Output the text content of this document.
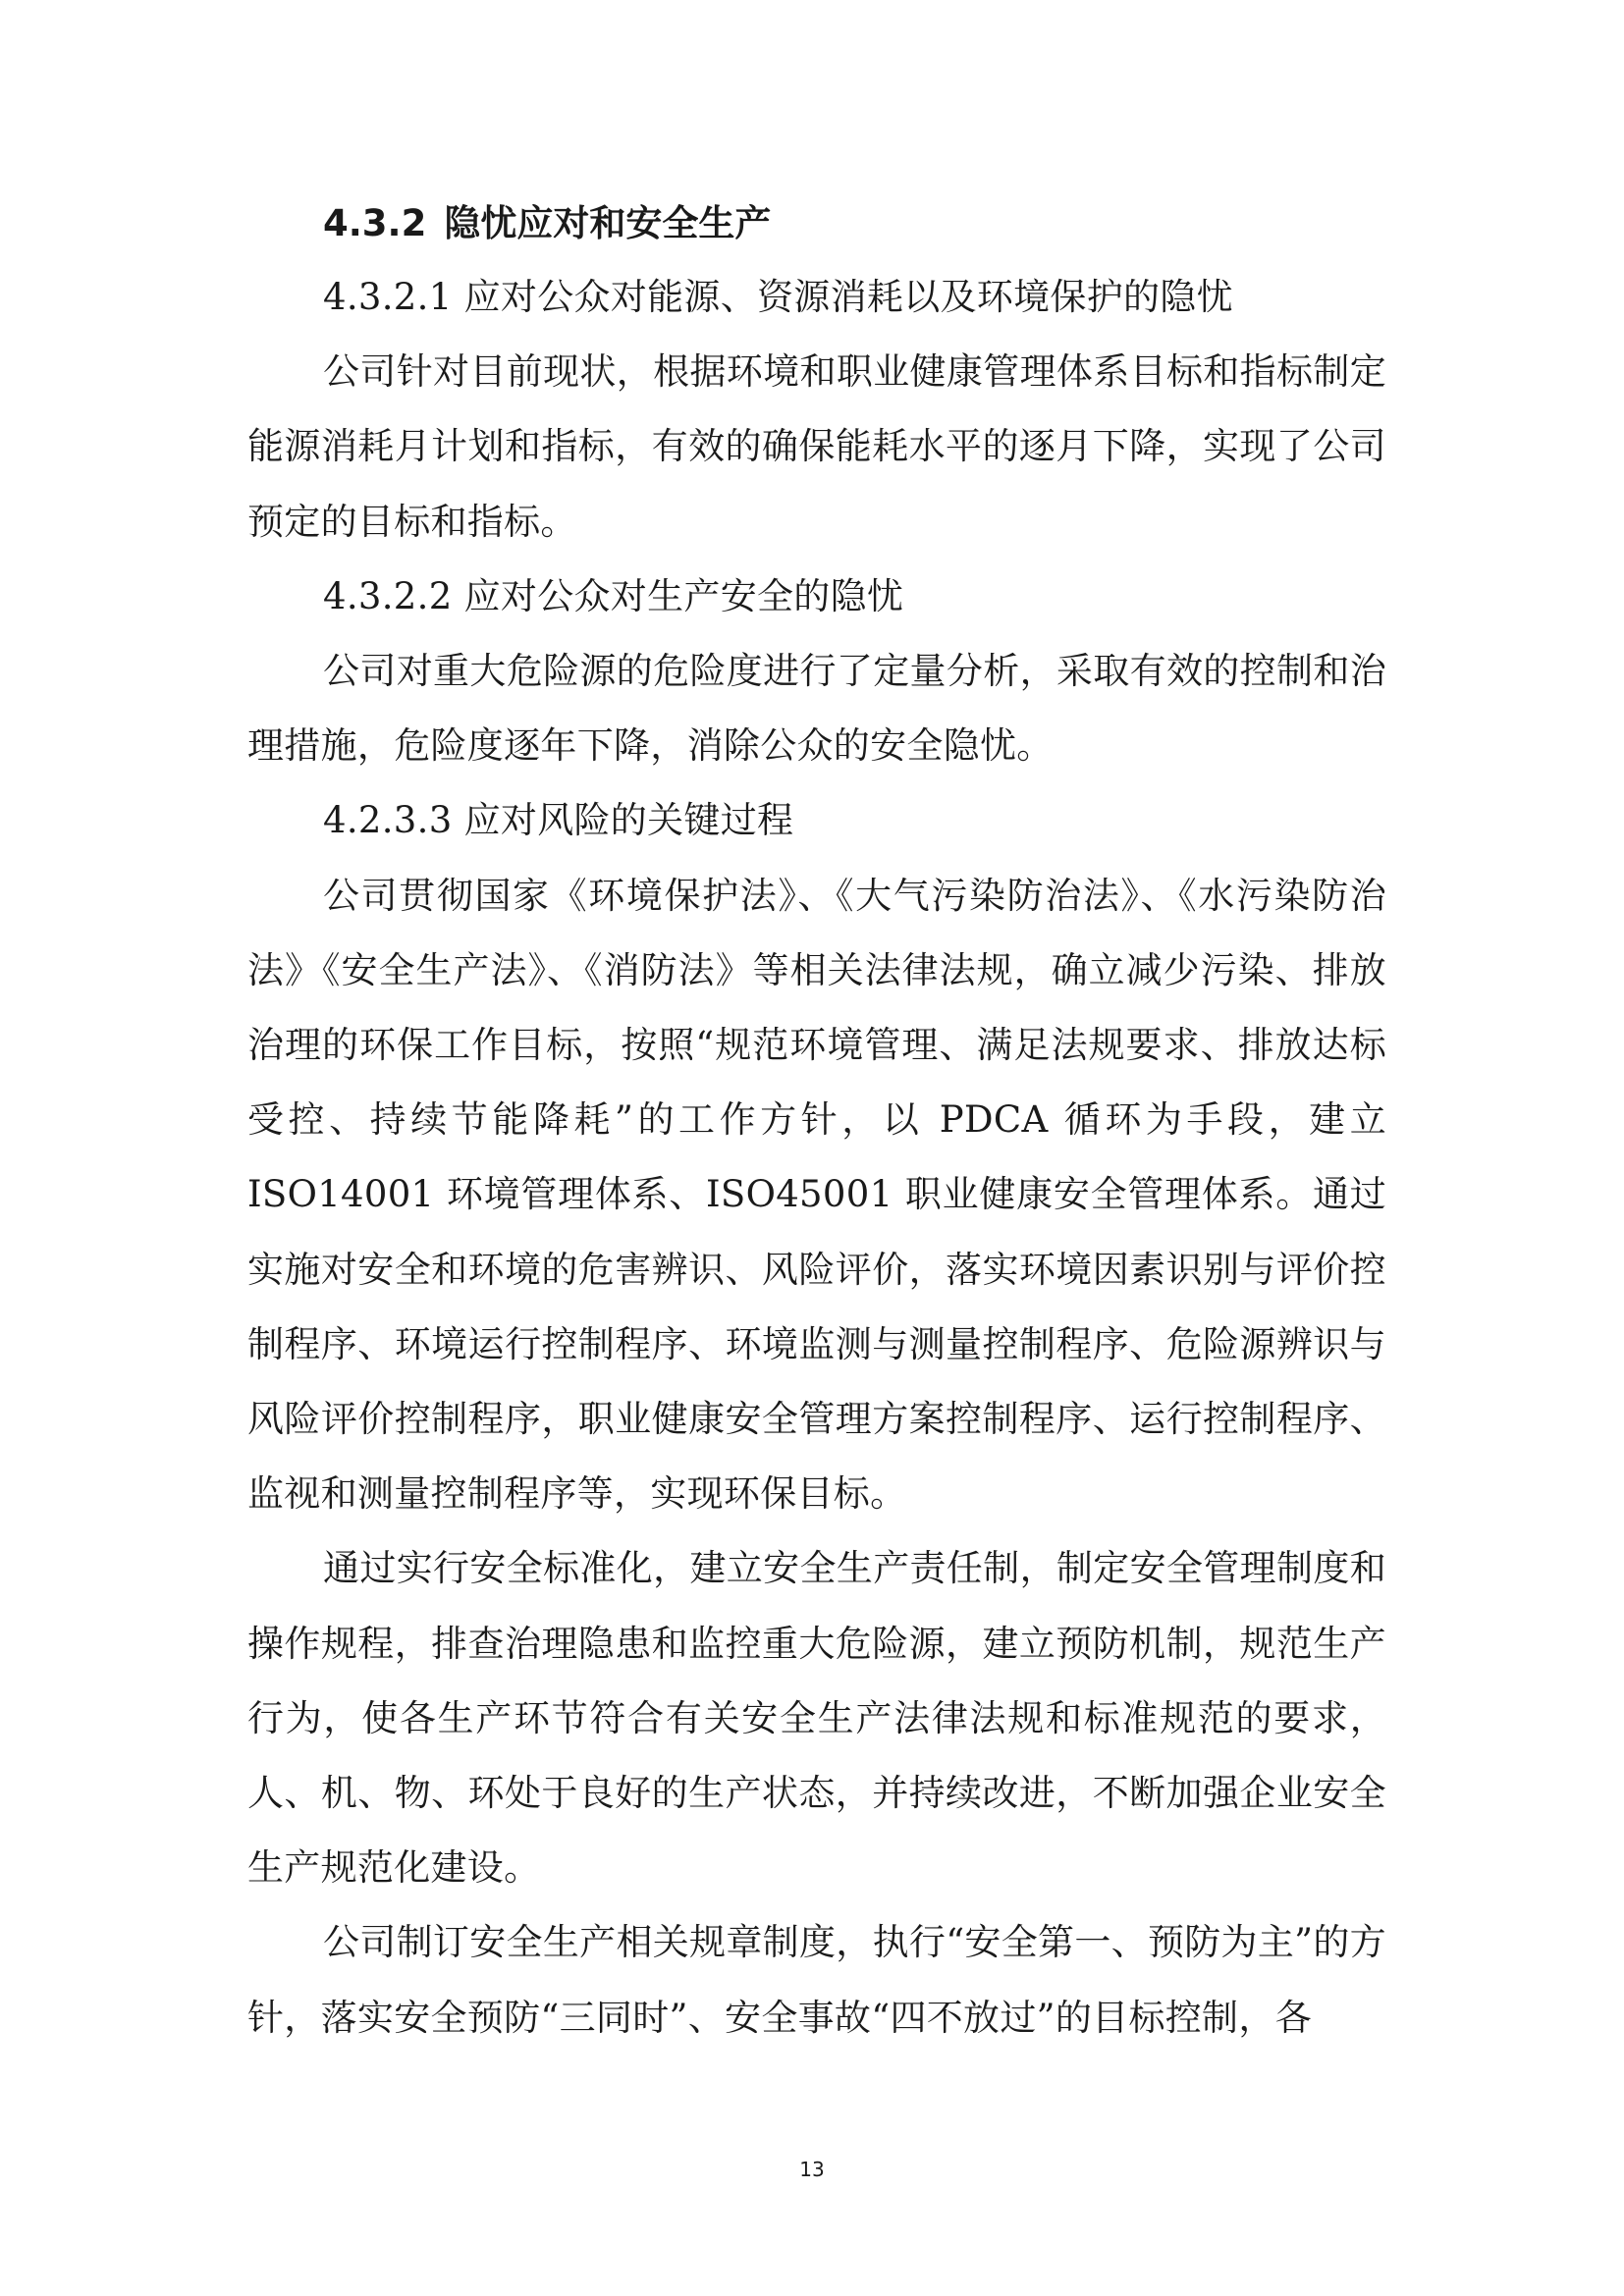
4.3.2 隐忧应对和安全生产

4.3.2.1 应对公众对能源、资源消耗以及环境保护的隐忧

公司针对目前现状，根据环境和职业健康管理体系目标和指标制定能源消耗月计划和指标，有效的确保能耗水平的逐月下降，实现了公司预定的目标和指标。

4.3.2.2 应对公众对生产安全的隐忧

公司对重大危险源的危险度进行了定量分析，采取有效的控制和治理措施，危险度逐年下降，消除公众的安全隐忧。

4.2.3.3 应对风险的关键过程

公司贯彻国家《环境保护法》、《大气污染防治法》、《水污染防治法》《安全生产法》、《消防法》等相关法律法规，确立减少污染、排放治理的环保工作目标，按照“规范环境管理、满足法规要求、排放达标受控、持续节能降耗”的工作方针，以 PDCA 循环为手段，建立 ISO14001 环境管理体系、ISO45001 职业健康安全管理体系。通过实施对安全和环境的危害辨识、风险评价，落实环境因素识别与评价控制程序、环境运行控制程序、环境监测与测量控制程序、危险源辨识与风险评价控制程序，职业健康安全管理方案控制程序、运行控制程序、监视和测量控制程序等，实现环保目标。

通过实行安全标准化，建立安全生产责任制，制定安全管理制度和操作规程，排查治理隐患和监控重大危险源，建立预防机制，规范生产行为，使各生产环节符合有关安全生产法律法规和标准规范的要求，人、机、物、环处于良好的生产状态，并持续改进，不断加强企业安全生产规范化建设。

公司制订安全生产相关规章制度，执行“安全第一、预防为主”的方针，落实安全预防“三同时”、安全事故“四不放过”的目标控制，各

13
